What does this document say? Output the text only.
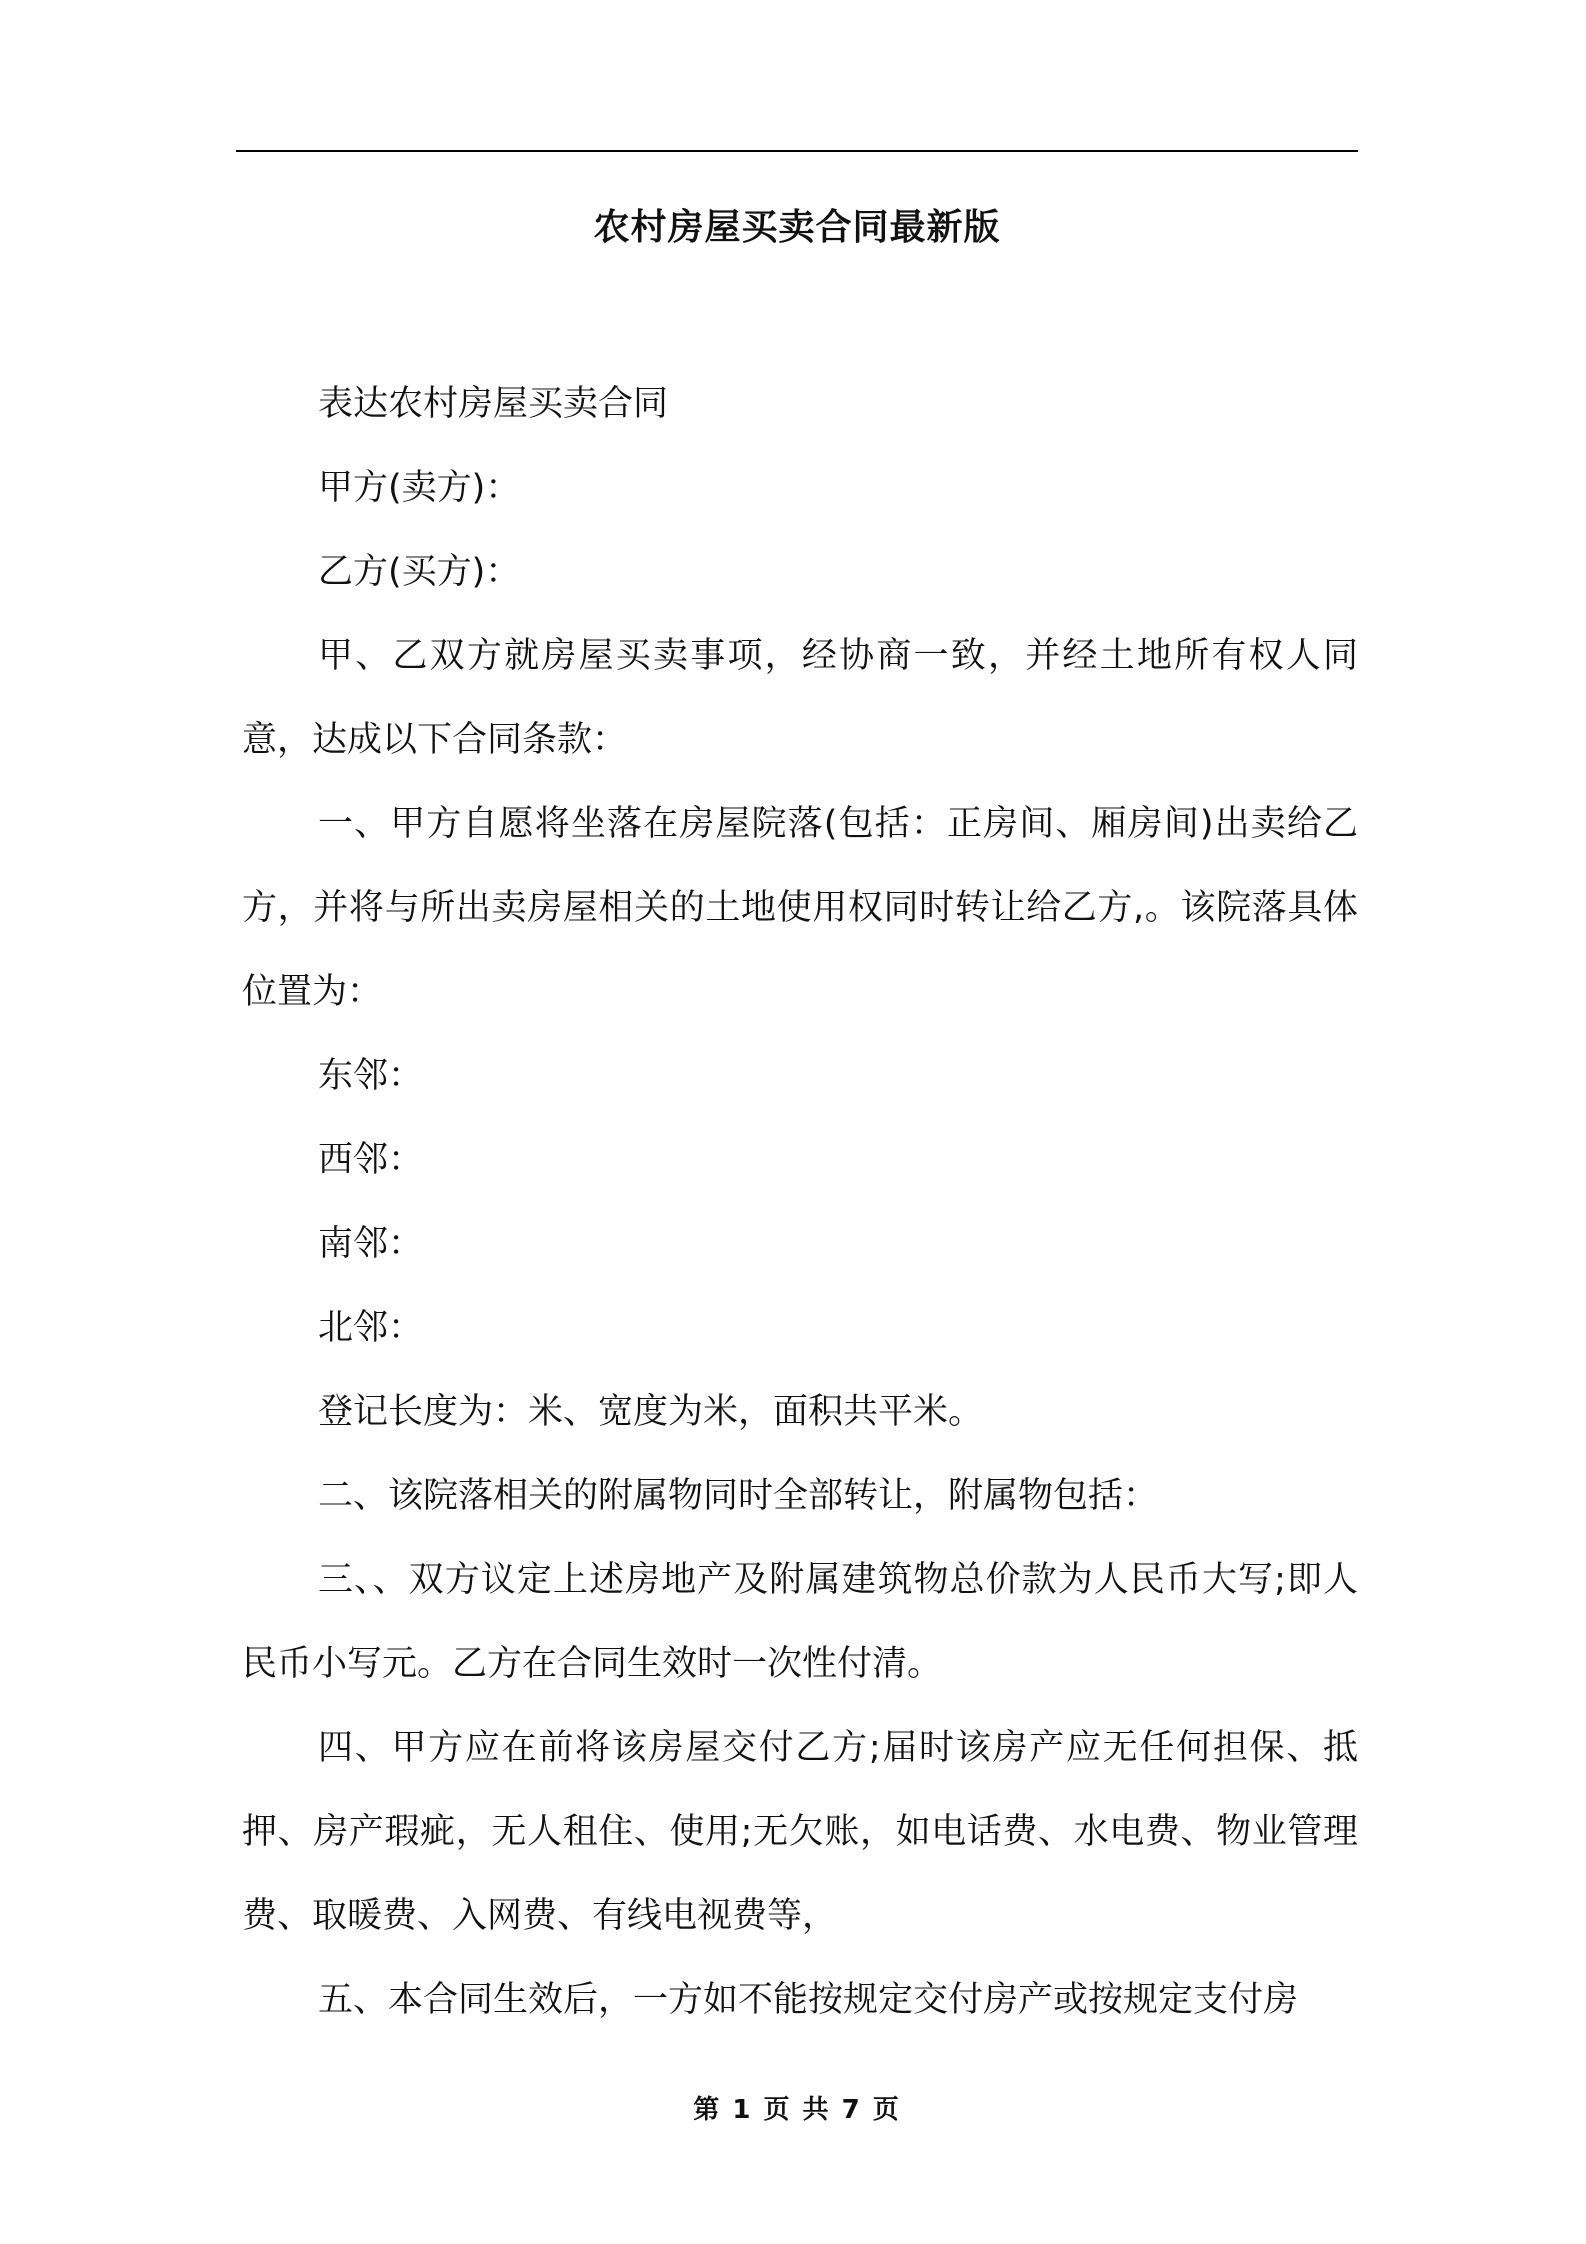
农村房屋买卖合同最新版

表达农村房屋买卖合同

甲方(卖方)：

乙方(买方)：

甲、乙双方就房屋买卖事项，经协商一致，并经土地所有权人同意，达成以下合同条款：

一、甲方自愿将坐落在房屋院落(包括：正房间、厢房间)出卖给乙方，并将与所出卖房屋相关的土地使用权同时转让给乙方,。该院落具体位置为：

东邻：

西邻：

南邻：

北邻：

登记长度为：米、宽度为米，面积共平米。

二、该院落相关的附属物同时全部转让，附属物包括：

三、、双方议定上述房地产及附属建筑物总价款为人民币大写;即人民币小写元。乙方在合同生效时一次性付清。

四、甲方应在前将该房屋交付乙方;届时该房产应无任何担保、抵押、房产瑕疵，无人租住、使用;无欠账，如电话费、水电费、物业管理费、取暖费、入网费、有线电视费等，

五、本合同生效后，一方如不能按规定交付房产或按规定支付房

第 1 页 共 7 页
